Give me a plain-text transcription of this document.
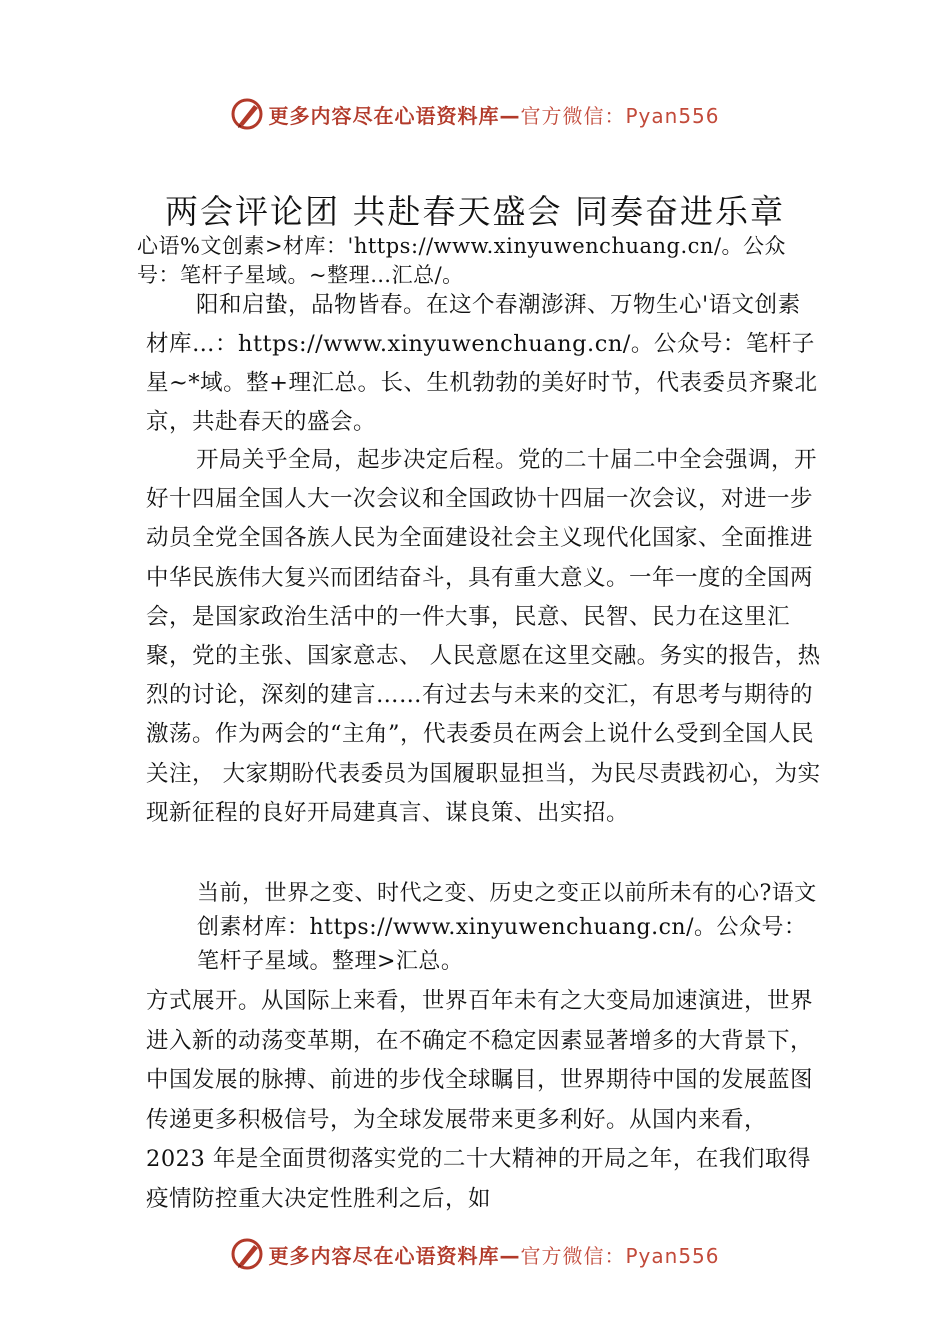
更多内容尽在心语资料库—官方微信：Pyan556
两会评论团 共赴春天盛会 同奏奋进乐章

心语%文创素>材库：'https://www.xinyuwenchuang.cn/。公众号：笔杆子星域。~整理…汇总/。

阳和启蛰，品物皆春。在这个春潮澎湃、万物生心'语文创素材库…：https://www.xinyuwenchuang.cn/。公众号：笔杆子星~*域。整+理汇总。长、生机勃勃的美好时节，代表委员齐聚北京，共赴春天的盛会。

开局关乎全局，起步决定后程。党的二十届二中全会强调，开好十四届全国人大一次会议和全国政协十四届一次会议，对进一步动员全党全国各族人民为全面建设社会主义现代化国家、全面推进中华民族伟大复兴而团结奋斗，具有重大意义。一年一度的全国两会，是国家政治生活中的一件大事，民意、民智、民力在这里汇聚，党的主张、国家意志、 人民意愿在这里交融。务实的报告，热烈的讨论，深刻的建言……有过去与未来的交汇，有思考与期待的激荡。作为两会的“主角”，代表委员在两会上说什么受到全国人民关注， 大家期盼代表委员为国履职显担当，为民尽责践初心，为实现新征程的良好开局建真言、谋良策、出实招。

当前，世界之变、时代之变、历史之变正以前所未有的心?语文创素材库：https://www.xinyuwenchuang.cn/。公众号：笔杆子星域。整理>汇总。

方式展开。从国际上来看，世界百年未有之大变局加速演进，世界进入新的动荡变革期，在不确定不稳定因素显著增多的大背景下，中国发展的脉搏、前进的步伐全球瞩目，世界期待中国的发展蓝图传递更多积极信号，为全球发展带来更多利好。从国内来看，2023 年是全面贯彻落实党的二十大精神的开局之年，在我们取得疫情防控重大决定性胜利之后，如

更多内容尽在心语资料库—官方微信：Pyan556
